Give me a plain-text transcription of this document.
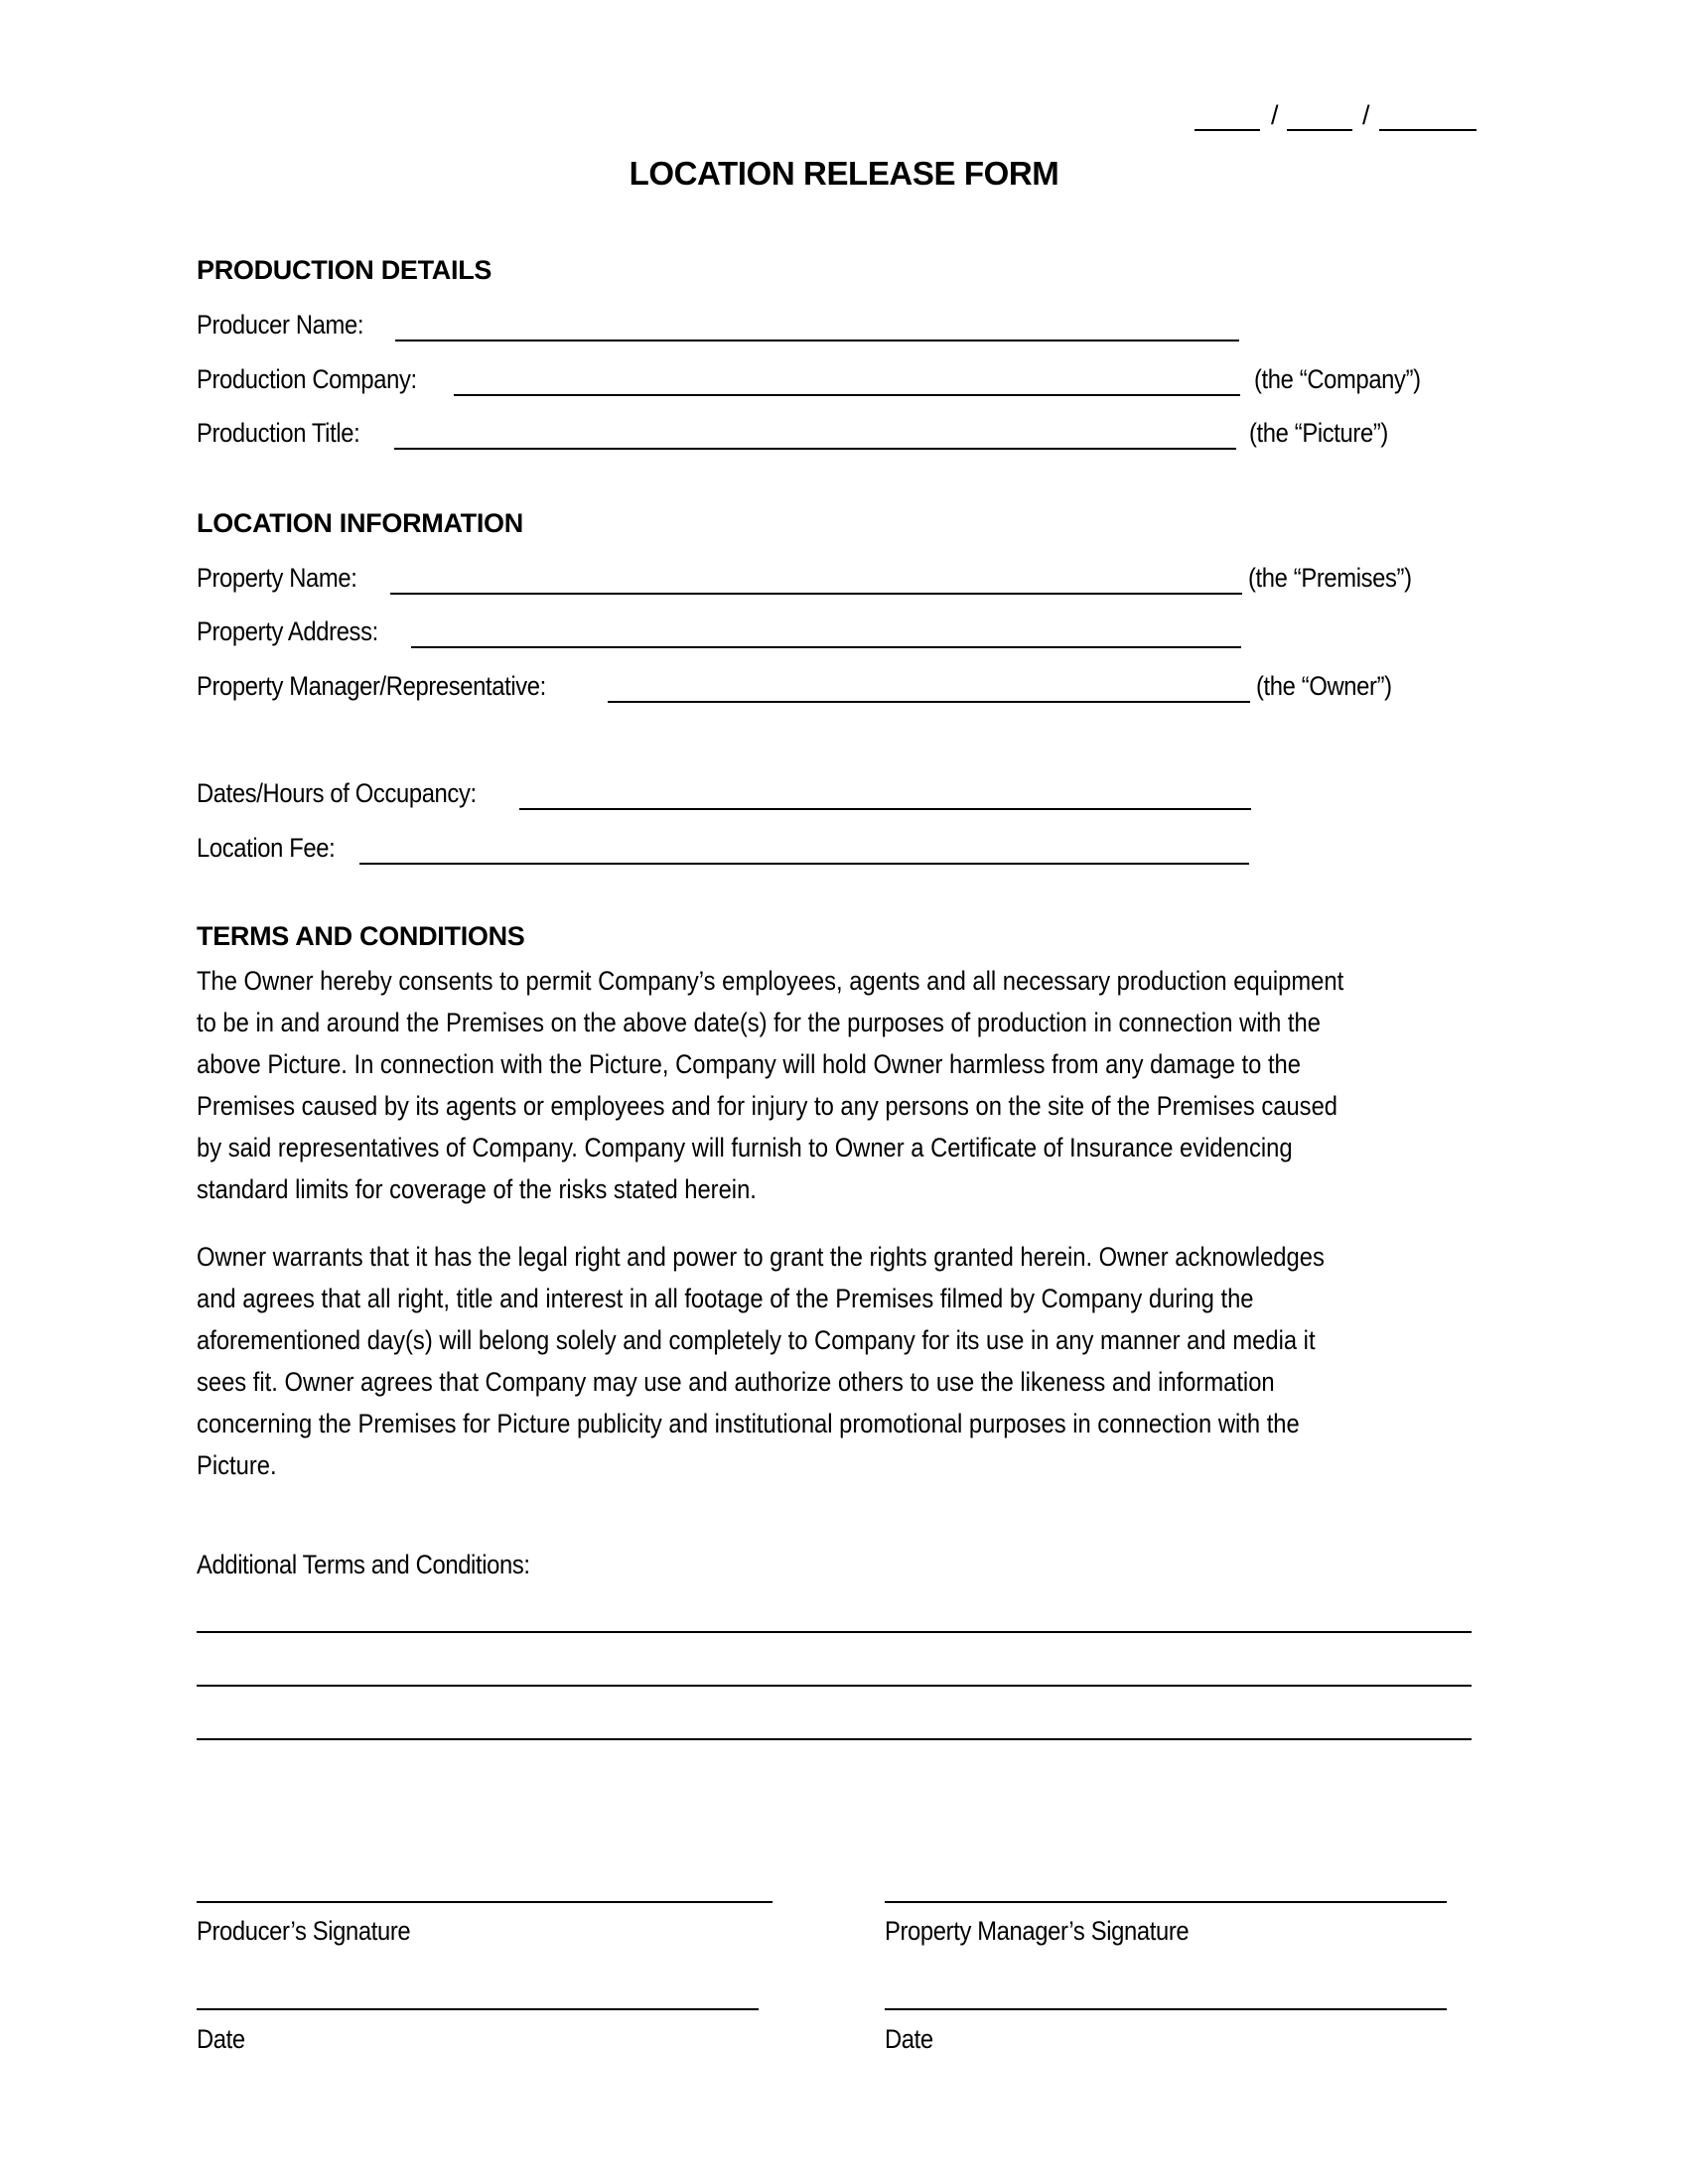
/	/
LOCATION RELEASE FORM
PRODUCTION DETAILS
Producer Name:
Production Company:	(the “Company”)
Production Title:	(the “Picture”)
LOCATION INFORMATION
Property Name:	(the “Premises”)
Property Address:
Property Manager/Representative:	(the “Owner”)
Dates/Hours of Occupancy:
Location Fee:
TERMS AND CONDITIONS
The Owner hereby consents to permit Company’s employees, agents and all necessary production equipment
to be in and around the Premises on the above date(s) for the purposes of production in connection with the
above Picture. In connection with the Picture, Company will hold Owner harmless from any damage to the
Premises caused by its agents or employees and for injury to any persons on the site of the Premises caused
by said representatives of Company. Company will furnish to Owner a Certificate of Insurance evidencing
standard limits for coverage of the risks stated herein.
Owner warrants that it has the legal right and power to grant the rights granted herein. Owner acknowledges
and agrees that all right, title and interest in all footage of the Premises filmed by Company during the
aforementioned day(s) will belong solely and completely to Company for its use in any manner and media it
sees fit. Owner agrees that Company may use and authorize others to use the likeness and information
concerning the Premises for Picture publicity and institutional promotional purposes in connection with the
Picture.
Additional Terms and Conditions:
Producer’s Signature
Date
Property Manager’s Signature
Date
